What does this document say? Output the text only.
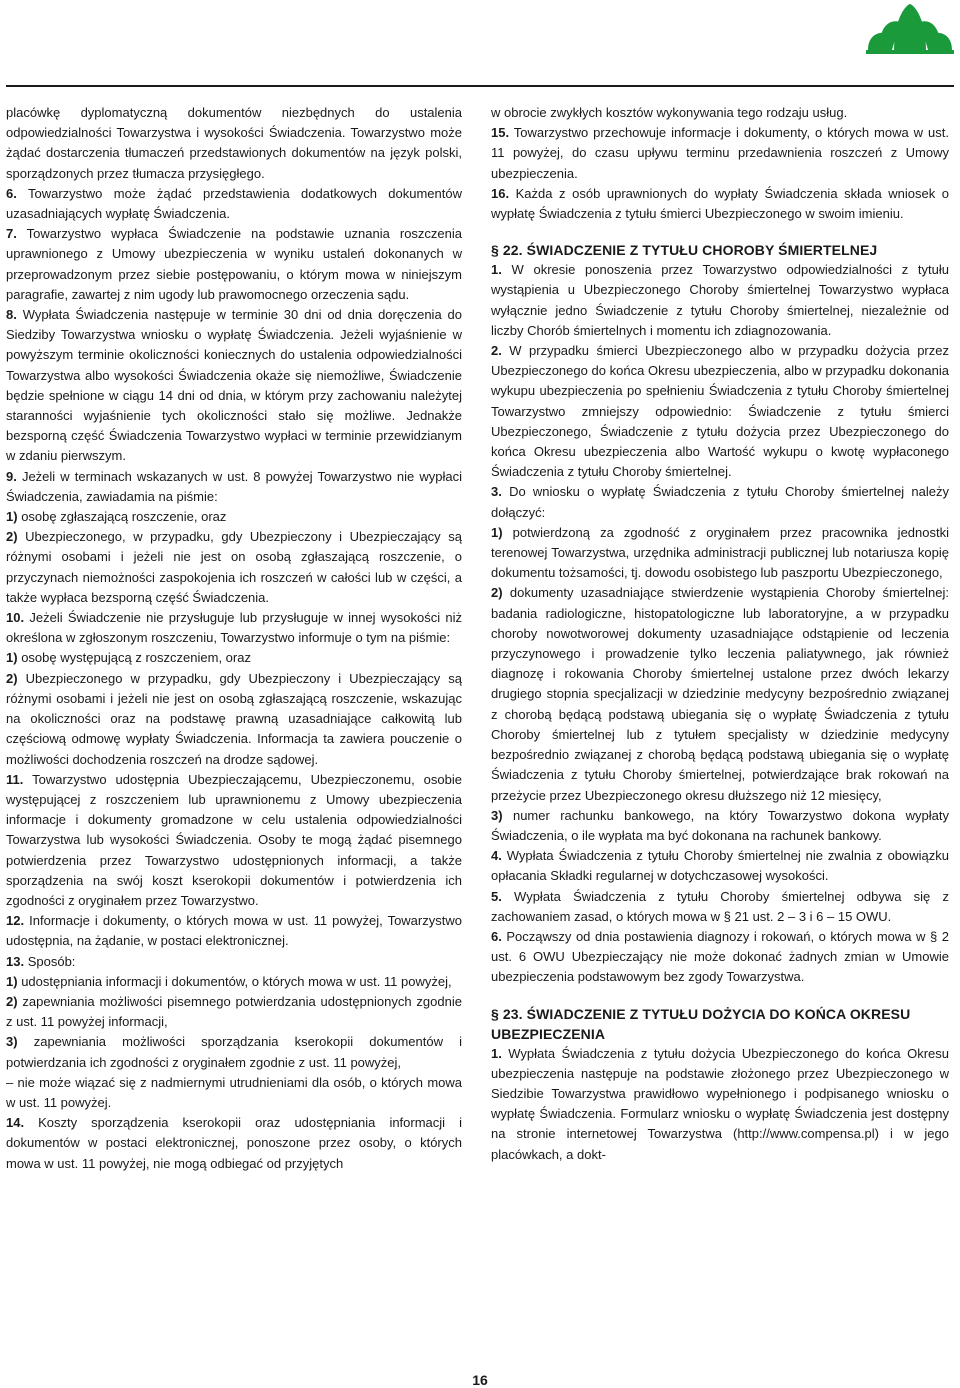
placówkę dyplomatyczną dokumentów niezbędnych do ustalenia odpowiedzialności Towarzystwa i wysokości Świadczenia. Towarzystwo może żądać dostarczenia tłumaczeń przedstawionych dokumentów na język polski, sporządzonych przez tłumacza przysięgłego.

6. Towarzystwo może żądać przedstawienia dodatkowych dokumentów uzasadniających wypłatę Świadczenia.

7. Towarzystwo wypłaca Świadczenie na podstawie uznania roszczenia uprawnionego z Umowy ubezpieczenia w wyniku ustaleń dokonanych w przeprowadzonym przez siebie postępowaniu, o którym mowa w niniejszym paragrafie, zawartej z nim ugody lub prawomocnego orzeczenia sądu.

8. Wypłata Świadczenia następuje w terminie 30 dni od dnia doręczenia do Siedziby Towarzystwa wniosku o wypłatę Świadczenia. Jeżeli wyjaśnienie w powyższym terminie okoliczności koniecznych do ustalenia odpowiedzialności Towarzystwa albo wysokości Świadczenia okaże się niemożliwe, Świadczenie będzie spełnione w ciągu 14 dni od dnia, w którym przy zachowaniu należytej staranności wyjaśnienie tych okoliczności stało się możliwe. Jednakże bezsporną część Świadczenia Towarzystwo wypłaci w terminie przewidzianym w zdaniu pierwszym.

9. Jeżeli w terminach wskazanych w ust. 8 powyżej Towarzystwo nie wypłaci Świadczenia, zawiadamia na piśmie:

1) osobę zgłaszającą roszczenie, oraz

2) Ubezpieczonego, w przypadku, gdy Ubezpieczony i Ubezpieczający są różnymi osobami i jeżeli nie jest on osobą zgłaszającą roszczenie, o przyczynach niemożności zaspokojenia ich roszczeń w całości lub w części, a także wypłaca bezsporną część Świadczenia.

10. Jeżeli Świadczenie nie przysługuje lub przysługuje w innej wysokości niż określona w zgłoszonym roszczeniu, Towarzystwo informuje o tym na piśmie:

1) osobę występującą z roszczeniem, oraz

2) Ubezpieczonego w przypadku, gdy Ubezpieczony i Ubezpieczający są różnymi osobami i jeżeli nie jest on osobą zgłaszającą roszczenie, wskazując na okoliczności oraz na podstawę prawną uzasadniające całkowitą lub częściową odmowę wypłaty Świadczenia. Informacja ta zawiera pouczenie o możliwości dochodzenia roszczeń na drodze sądowej.

11. Towarzystwo udostępnia Ubezpieczającemu, Ubezpieczonemu, osobie występującej z roszczeniem lub uprawnionemu z Umowy ubezpieczenia informacje i dokumenty gromadzone w celu ustalenia odpowiedzialności Towarzystwa lub wysokości Świadczenia. Osoby te mogą żądać pisemnego potwierdzenia przez Towarzystwo udostępnionych informacji, a także sporządzenia na swój koszt kserokopii dokumentów i potwierdzenia ich zgodności z oryginałem przez Towarzystwo.

12. Informacje i dokumenty, o których mowa w ust. 11 powyżej, Towarzystwo udostępnia, na żądanie, w postaci elektronicznej.

13. Sposób:

1) udostępniania informacji i dokumentów, o których mowa w ust. 11 powyżej,

2) zapewniania możliwości pisemnego potwierdzania udostępnionych zgodnie z ust. 11 powyżej informacji,

3) zapewniania możliwości sporządzania kserokopii dokumentów i potwierdzania ich zgodności z oryginałem zgodnie z ust. 11 powyżej,

– nie może wiązać się z nadmiernymi utrudnieniami dla osób, o których mowa w ust. 11 powyżej.

14. Koszty sporządzenia kserokopii oraz udostępniania informacji i dokumentów w postaci elektronicznej, ponoszone przez osoby, o których mowa w ust. 11 powyżej, nie mogą odbiegać od przyjętych

w obrocie zwykłych kosztów wykonywania tego rodzaju usług.

15. Towarzystwo przechowuje informacje i dokumenty, o których mowa w ust. 11 powyżej, do czasu upływu terminu przedawnienia roszczeń z Umowy ubezpieczenia.

16. Każda z osób uprawnionych do wypłaty Świadczenia składa wniosek o wypłatę Świadczenia z tytułu śmierci Ubezpieczonego w swoim imieniu.

§ 22. ŚWIADCZENIE Z TYTUŁU CHOROBY ŚMIERTELNEJ

1. W okresie ponoszenia przez Towarzystwo odpowiedzialności z tytułu wystąpienia u Ubezpieczonego Choroby śmiertelnej Towarzystwo wypłaca wyłącznie jedno Świadczenie z tytułu Choroby śmiertelnej, niezależnie od liczby Chorób śmiertelnych i momentu ich zdiagnozowania.

2. W przypadku śmierci Ubezpieczonego albo w przypadku dożycia przez Ubezpieczonego do końca Okresu ubezpieczenia, albo w przypadku dokonania wykupu ubezpieczenia po spełnieniu Świadczenia z tytułu Choroby śmiertelnej Towarzystwo zmniejszy odpowiednio: Świadczenie z tytułu śmierci Ubezpieczonego, Świadczenie z tytułu dożycia przez Ubezpieczonego do końca Okresu ubezpieczenia albo Wartość wykupu o kwotę wypłaconego Świadczenia z tytułu Choroby śmiertelnej.

3. Do wniosku o wypłatę Świadczenia z tytułu Choroby śmiertelnej należy dołączyć:

1) potwierdzoną za zgodność z oryginałem przez pracownika jednostki terenowej Towarzystwa, urzędnika administracji publicznej lub notariusza kopię dokumentu tożsamości, tj. dowodu osobistego lub paszportu Ubezpieczonego,

2) dokumenty uzasadniające stwierdzenie wystąpienia Choroby śmiertelnej: badania radiologiczne, histopatologiczne lub laboratoryjne, a w przypadku choroby nowotworowej dokumenty uzasadniające odstąpienie od leczenia przyczynowego i prowadzenie tylko leczenia paliatywnego, jak również diagnozę i rokowania Choroby śmiertelnej ustalone przez dwóch lekarzy drugiego stopnia specjalizacji w dziedzinie medycyny bezpośrednio związanej z chorobą będącą podstawą ubiegania się o wypłatę Świadczenia z tytułu Choroby śmiertelnej lub z tytułem specjalisty w dziedzinie medycyny bezpośrednio związanej z chorobą będącą podstawą ubiegania się o wypłatę Świadczenia z tytułu Choroby śmiertelnej, potwierdzające brak rokowań na przeżycie przez Ubezpieczonego okresu dłuższego niż 12 miesięcy,

3) numer rachunku bankowego, na który Towarzystwo dokona wypłaty Świadczenia, o ile wypłata ma być dokonana na rachunek bankowy.

4. Wypłata Świadczenia z tytułu Choroby śmiertelnej nie zwalnia z obowiązku opłacania Składki regularnej w dotychczasowej wysokości.

5. Wypłata Świadczenia z tytułu Choroby śmiertelnej odbywa się z zachowaniem zasad, o których mowa w § 21 ust. 2 – 3 i 6 – 15 OWU.

6. Począwszy od dnia postawienia diagnozy i rokowań, o których mowa w § 2 ust. 6 OWU Ubezpieczający nie może dokonać żadnych zmian w Umowie ubezpieczenia podstawowym bez zgody Towarzystwa.

§ 23. ŚWIADCZENIE Z TYTUŁU DOŻYCIA DO KOŃCA OKRESU UBEZPIECZENIA

1. Wypłata Świadczenia z tytułu dożycia Ubezpieczonego do końca Okresu ubezpieczenia następuje na podstawie złożonego przez Ubezpieczonego w Siedzibie Towarzystwa prawidłowo wypełnionego i podpisanego wniosku o wypłatę Świadczenia. Formularz wniosku o wypłatę Świadczenia jest dostępny na stronie internetowej Towarzystwa (http://www.compensa.pl) i w jego placówkach, a dokt-

16
